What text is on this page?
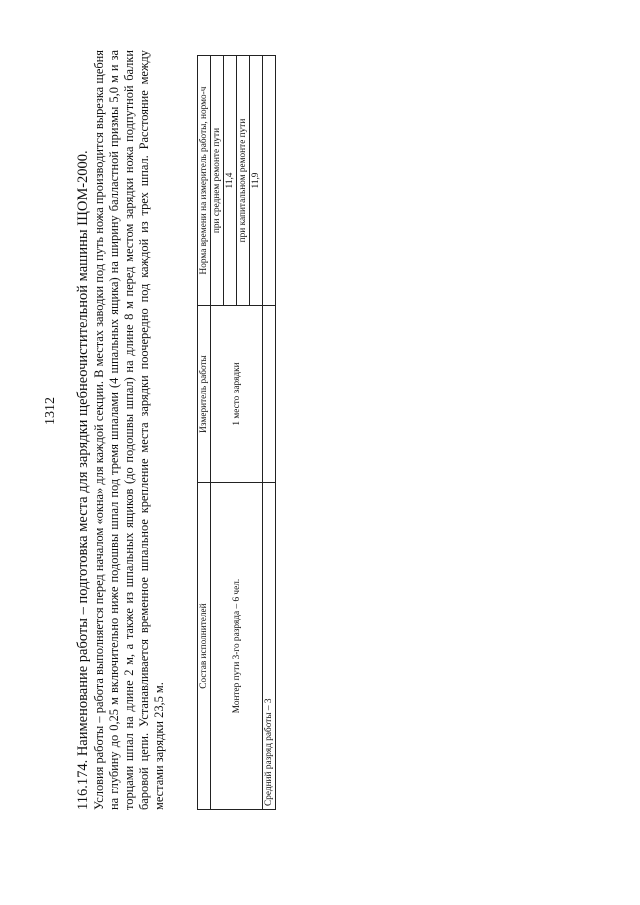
1312 116.174. Наименование работы – подготовка места для зарядки щебнеочистительной машины ЩОМ-2000. Условия работы – работа выполняется перед началом «окна» для каждой секции. В местах заводки под путь ножа производится вырезка щебня на глубину до 0,25 м включительно ниже подошвы шпал под тремя шпалами (4 шпальных ящика) на ширину балластной призмы 5,0 м и за торцами шпал на длине 2 м, а также из шпальных ящиков (до подошвы шпал) на длине 8 м перед местом зарядки ножа подпутной балки баровой цепи. Устанавливается временное шпальное крепление места зарядки поочередно под каждой из трех шпал. Расстояние между местами зарядки 23,5 м.

Состав исполнителей	Измеритель работы	Норма времени на измеритель работы, нормо-ч
Монтер пути 3-го разряда – 6 чел.	1 место зарядки	при среднем ремонте пути
		11,4
		при капитальном ремонте пути
		11,9
Средний разряд работы – 3		
